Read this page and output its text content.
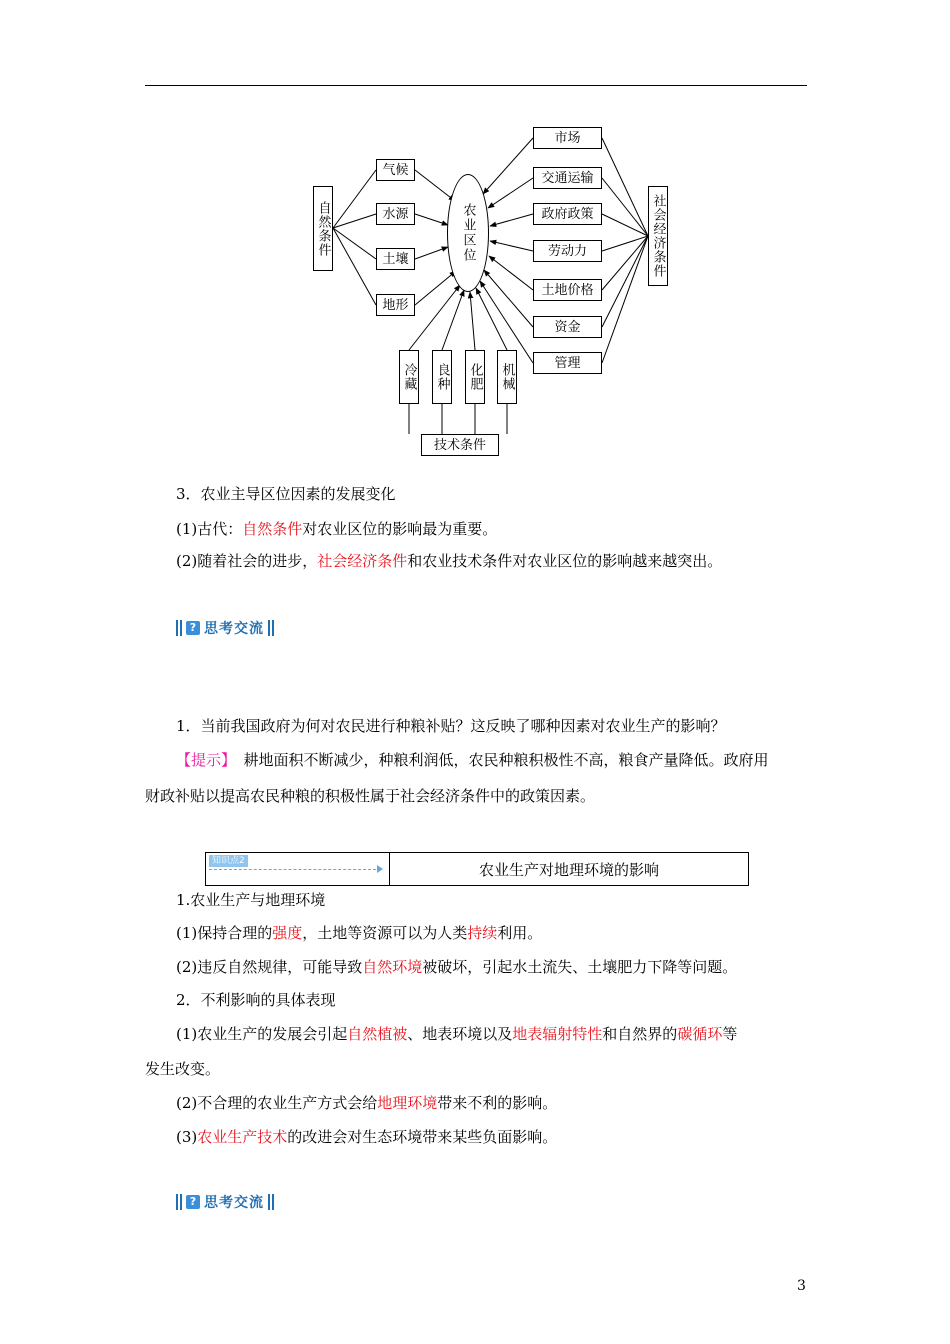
农业区位
自然条件
气候
水源
土壤
地形
社会经济条件
市场
交通运输
政府政策
劳动力
土地价格
资金
管理
冷藏 良种 化肥 机械
技术条件
3．农业主导区位因素的发展变化
(1)古代：自然条件对农业区位的影响最为重要。
(2)随着社会的进步，社会经济条件和农业技术条件对农业区位的影响越来越突出。
? 思考交流
1．当前我国政府为何对农民进行种粮补贴？这反映了哪种因素对农业生产的影响？
【提示】　耕地面积不断减少，种粮利润低，农民种粮积极性不高，粮食产量降低。政府用
财政补贴以提高农民种粮的积极性属于社会经济条件中的政策因素。
知识点2	农业生产对地理环境的影响
1.农业生产与地理环境
(1)保持合理的强度，土地等资源可以为人类持续利用。
(2)违反自然规律，可能导致自然环境被破坏，引起水土流失、土壤肥力下降等问题。
2．不利影响的具体表现
(1)农业生产的发展会引起自然植被、地表环境以及地表辐射特性和自然界的碳循环等
发生改变。
(2)不合理的农业生产方式会给地理环境带来不利的影响。
(3)农业生产技术的改进会对生态环境带来某些负面影响。
? 思考交流
3
